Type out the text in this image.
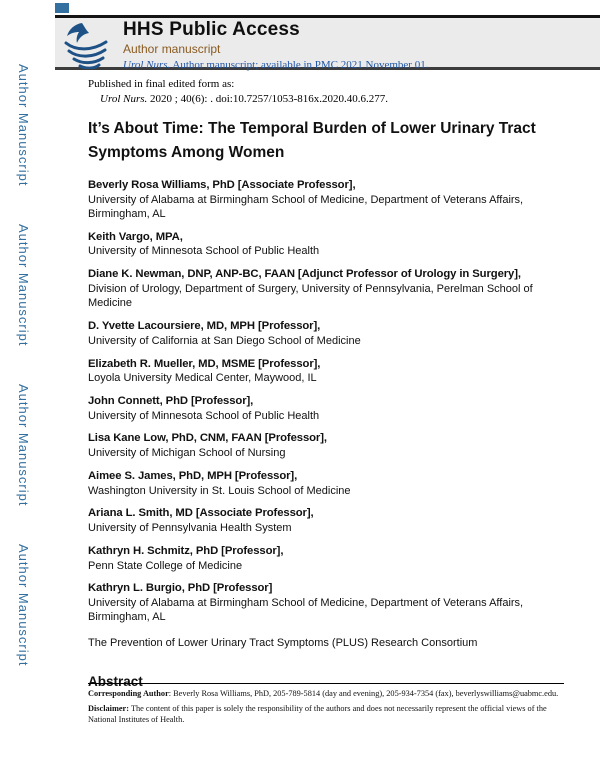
Author Manuscript
Author Manuscript
Author Manuscript
Author Manuscript
HHS Public Access
Author manuscript
Urol Nurs. Author manuscript; available in PMC 2021 November 01.
Published in final edited form as:
Urol Nurs. 2020 ; 40(6): . doi:10.7257/1053-816x.2020.40.6.277.
It’s About Time: The Temporal Burden of Lower Urinary Tract Symptoms Among Women
Beverly Rosa Williams, PhD [Associate Professor],
University of Alabama at Birmingham School of Medicine, Department of Veterans Affairs, Birmingham, AL
Keith Vargo, MPA,
University of Minnesota School of Public Health
Diane K. Newman, DNP, ANP-BC, FAAN [Adjunct Professor of Urology in Surgery],
Division of Urology, Department of Surgery, University of Pennsylvania, Perelman School of Medicine
D. Yvette Lacoursiere, MD, MPH [Professor],
University of California at San Diego School of Medicine
Elizabeth R. Mueller, MD, MSME [Professor],
Loyola University Medical Center, Maywood, IL
John Connett, PhD [Professor],
University of Minnesota School of Public Health
Lisa Kane Low, PhD, CNM, FAAN [Professor],
University of Michigan School of Nursing
Aimee S. James, PhD, MPH [Professor],
Washington University in St. Louis School of Medicine
Ariana L. Smith, MD [Associate Professor],
University of Pennsylvania Health System
Kathryn H. Schmitz, PhD [Professor],
Penn State College of Medicine
Kathryn L. Burgio, PhD [Professor]
University of Alabama at Birmingham School of Medicine, Department of Veterans Affairs, Birmingham, AL
The Prevention of Lower Urinary Tract Symptoms (PLUS) Research Consortium
Abstract

Corresponding Author: Beverly Rosa Williams, PhD, 205-789-5814 (day and evening), 205-934-7354 (fax), beverlyswilliams@uabmc.edu.

Disclaimer: The content of this paper is solely the responsibility of the authors and does not necessarily represent the official views of the National Institutes of Health.
